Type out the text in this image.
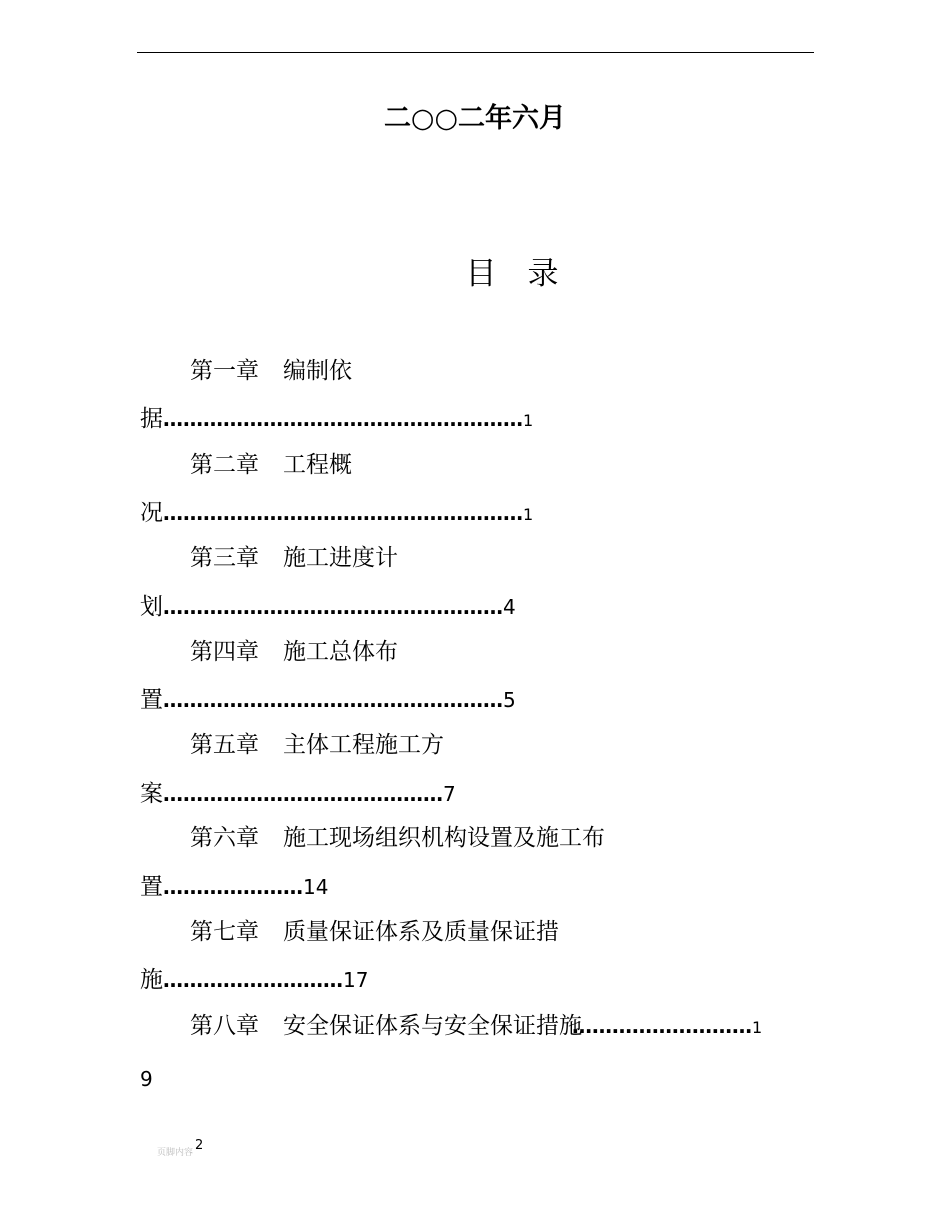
二○○二年六月
目　录
第一章 编制依
据………………………………………………1
第二章 工程概
况………………………………………………1
第三章 施工进度计
划……………………………………………4
第四章 施工总体布
置……………………………………………5
第五章 主体工程施工方
案……………………………………7
第六章 施工现场组织机构设置及施工布
置…………………14
第七章 质量保证体系及质量保证措
施………………………17
第八章 安全保证体系与安全保证措施………………………1
9
页脚内容 2
